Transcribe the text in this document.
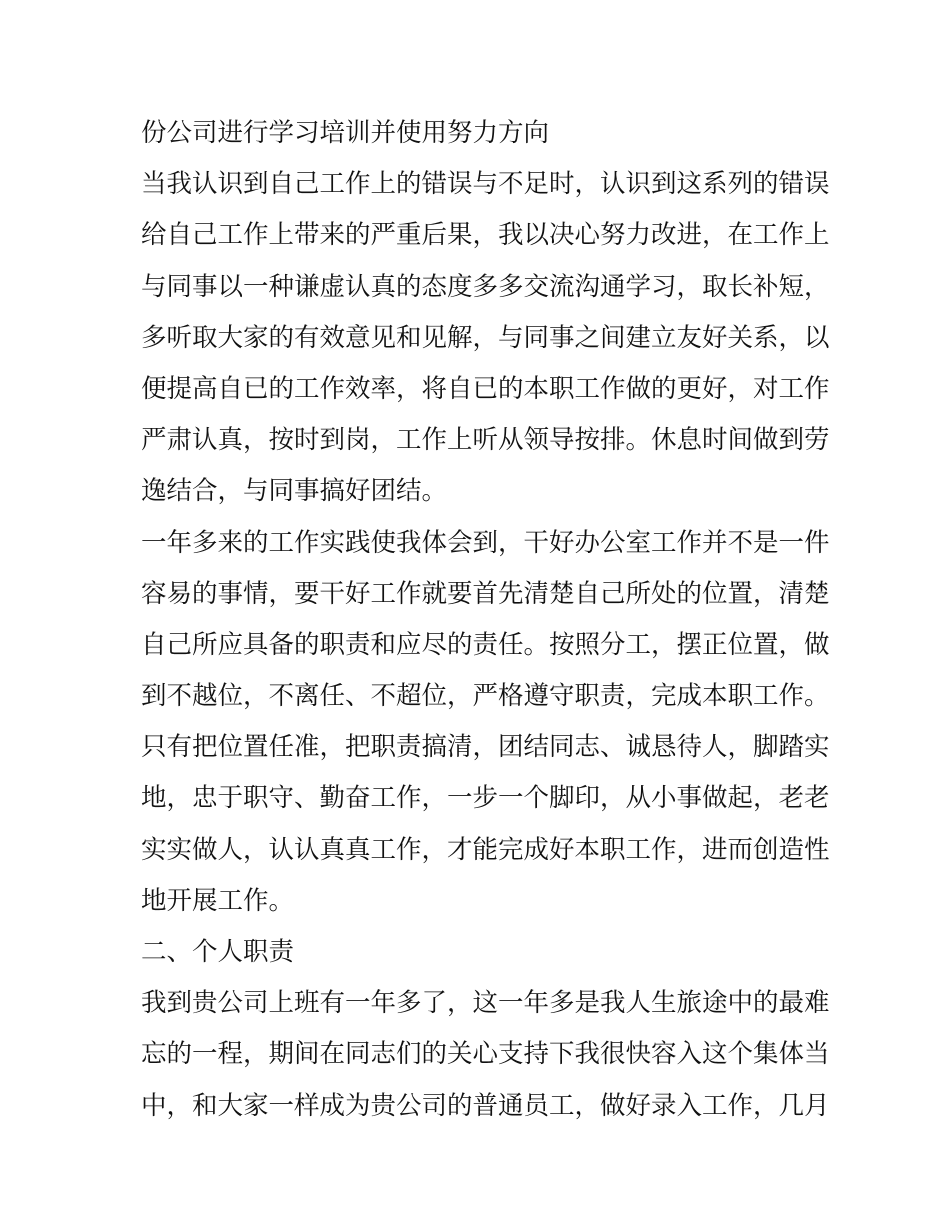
份公司进行学习培训并使用努力方向
当我认识到自己工作上的错误与不足时，认识到这系列的错误
给自己工作上带来的严重后果，我以决心努力改进，在工作上
与同事以一种谦虚认真的态度多多交流沟通学习，取长补短，
多听取大家的有效意见和见解，与同事之间建立友好关系，以
便提高自已的工作效率，将自已的本职工作做的更好，对工作
严肃认真，按时到岗，工作上听从领导按排。休息时间做到劳
逸结合，与同事搞好团结。
一年多来的工作实践使我体会到，干好办公室工作并不是一件
容易的事情，要干好工作就要首先清楚自己所处的位置，清楚
自己所应具备的职责和应尽的责任。按照分工，摆正位置，做
到不越位，不离任、不超位，严格遵守职责，完成本职工作。
只有把位置任准，把职责搞清，团结同志、诚恳待人，脚踏实
地，忠于职守、勤奋工作，一步一个脚印，从小事做起，老老
实实做人，认认真真工作，才能完成好本职工作，进而创造性
地开展工作。
二、个人职责
我到贵公司上班有一年多了，这一年多是我人生旅途中的最难
忘的一程，期间在同志们的关心支持下我很快容入这个集体当
中，和大家一样成为贵公司的普通员工，做好录入工作，几月
